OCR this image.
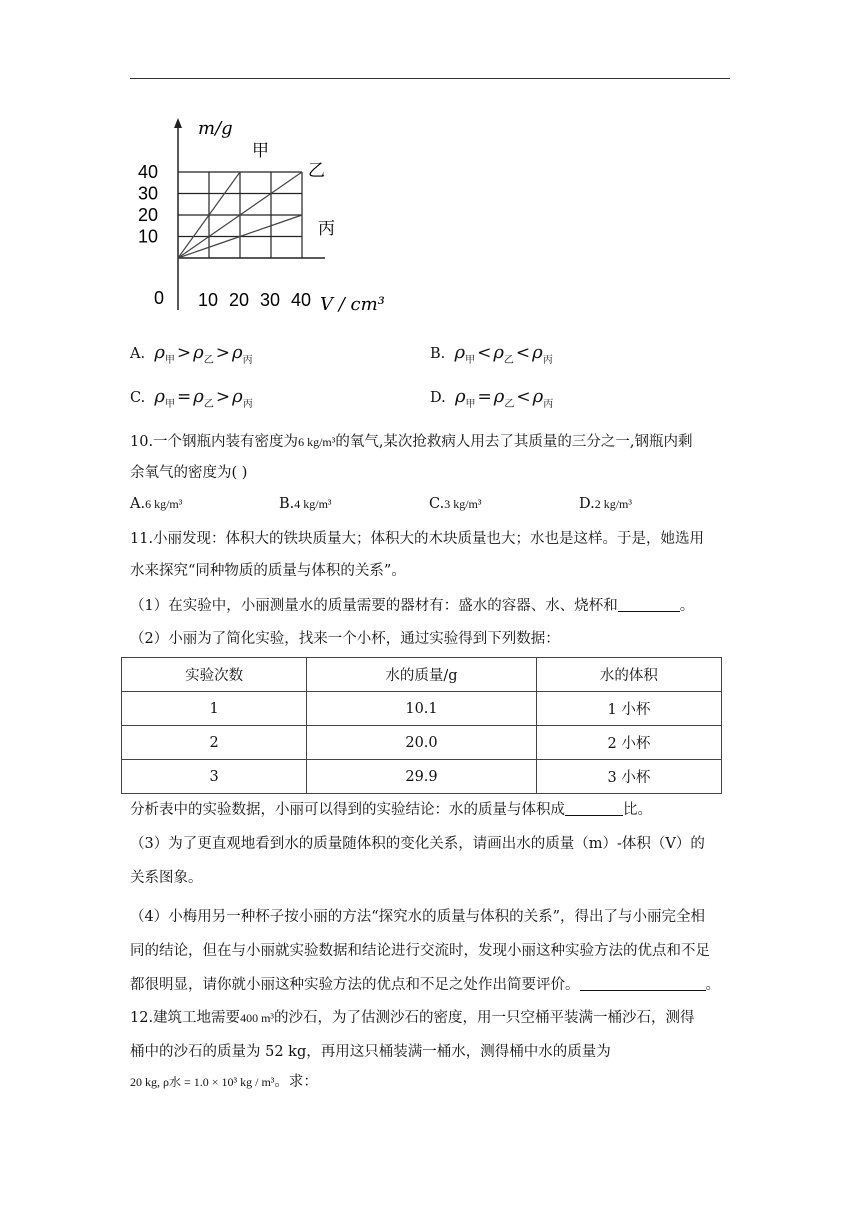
10
10
20
20
30
30
40
40
m/g
V / cm³
0
甲
乙
丙
A. $\rho_甲 > \rho_乙 > \rho_丙$	B. $\rho_甲 < \rho_乙 < \rho_丙$
C. $\rho_甲 = \rho_乙 > \rho_丙$	D. $\rho_甲 = \rho_乙 < \rho_丙$
10.一个钢瓶内装有密度为6 kg/m³的氧气,某次抢救病人用去了其质量的三分之一,钢瓶内剩
余氧气的密度为( )
A.6 kg/m³	B.4 kg/m³	C.3 kg/m³	D.2 kg/m³
11.小丽发现：体积大的铁块质量大；体积大的木块质量也大；水也是这样。于是，她选用
水来探究“同种物质的质量与体积的关系”。
（1）在实验中，小丽测量水的质量需要的器材有：盛水的容器、水、烧杯和	。
（2）小丽为了简化实验，找来一个小杯，通过实验得到下列数据：
实验次数	水的质量/g	水的体积
1	10.1	1 小杯
2	20.0	2 小杯
3	29.9	3 小杯
分析表中的实验数据，小丽可以得到的实验结论：水的质量与体积成	比。
（3）为了更直观地看到水的质量随体积的变化关系，请画出水的质量（m）-体积（V）的
关系图象。
（4）小梅用另一种杯子按小丽的方法“探究水的质量与体积的关系”，得出了与小丽完全相
同的结论，但在与小丽就实验数据和结论进行交流时，发现小丽这种实验方法的优点和不足
都很明显，请你就小丽这种实验方法的优点和不足之处作出简要评价。	。
12.建筑工地需要400 m³的沙石，为了估测沙石的密度，用一只空桶平装满一桶沙石，测得
桶中的沙石的质量为 52 kg，再用这只桶装满一桶水，测得桶中水的质量为
20 kg, ρ水 = 1.0 × 10³ kg / m³。求：
